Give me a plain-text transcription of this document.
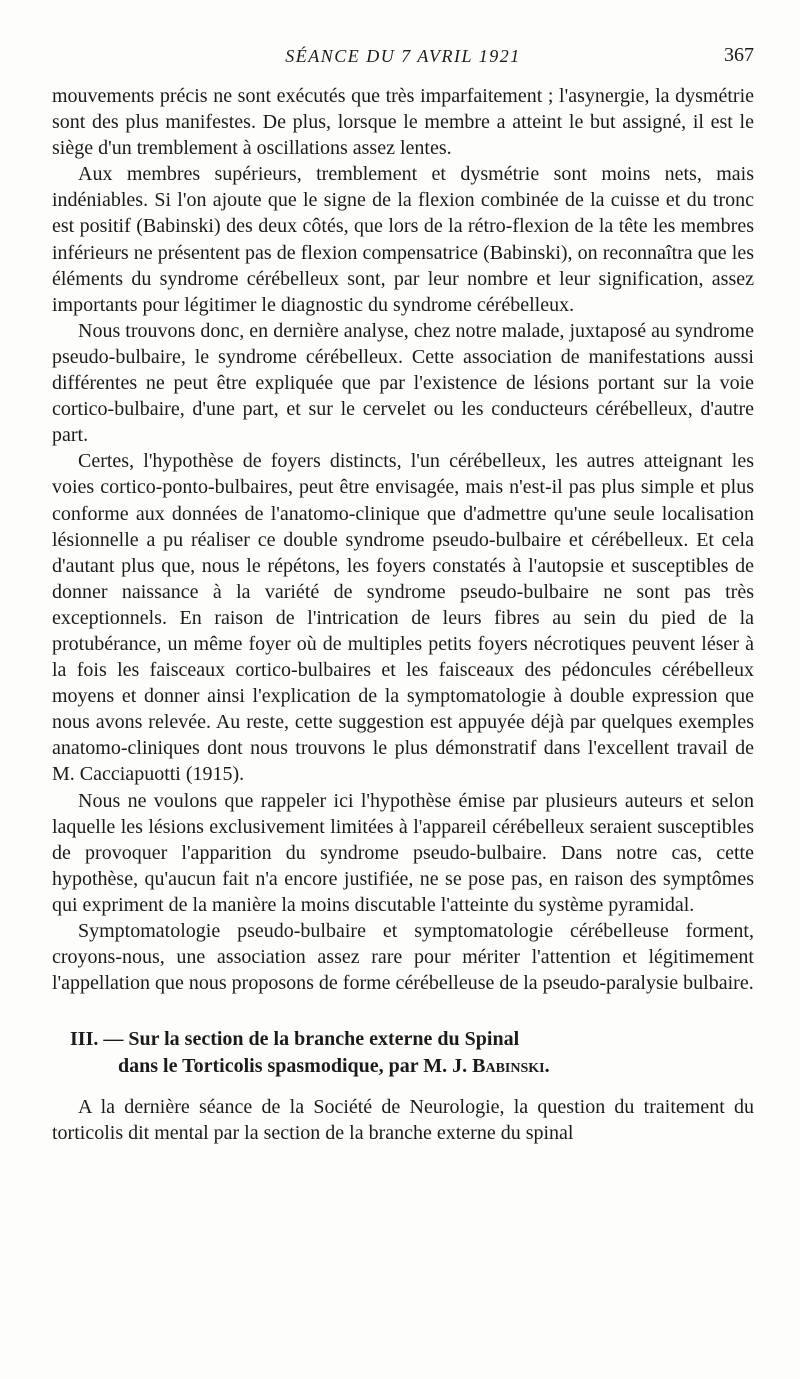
SÉANCE DU 7 AVRIL 1921	367

mouvements précis ne sont exécutés que très imparfaitement ; l'asynergie, la dysmétrie sont des plus manifestes. De plus, lorsque le membre a atteint le but assigné, il est le siège d'un tremblement à oscillations assez lentes.

Aux membres supérieurs, tremblement et dysmétrie sont moins nets, mais indéniables. Si l'on ajoute que le signe de la flexion combinée de la cuisse et du tronc est positif (Babinski) des deux côtés, que lors de la rétro-flexion de la tête les membres inférieurs ne présentent pas de flexion compensatrice (Babinski), on reconnaîtra que les éléments du syndrome cérébelleux sont, par leur nombre et leur signification, assez importants pour légitimer le diagnostic du syndrome cérébelleux.

Nous trouvons donc, en dernière analyse, chez notre malade, juxtaposé au syndrome pseudo-bulbaire, le syndrome cérébelleux. Cette association de manifestations aussi différentes ne peut être expliquée que par l'existence de lésions portant sur la voie cortico-bulbaire, d'une part, et sur le cervelet ou les conducteurs cérébelleux, d'autre part.

Certes, l'hypothèse de foyers distincts, l'un cérébelleux, les autres atteignant les voies cortico-ponto-bulbaires, peut être envisagée, mais n'est-il pas plus simple et plus conforme aux données de l'anatomo-clinique que d'admettre qu'une seule localisation lésionnelle a pu réaliser ce double syndrome pseudo-bulbaire et cérébelleux. Et cela d'autant plus que, nous le répétons, les foyers constatés à l'autopsie et susceptibles de donner naissance à la variété de syndrome pseudo-bulbaire ne sont pas très exceptionnels. En raison de l'intrication de leurs fibres au sein du pied de la protubérance, un même foyer où de multiples petits foyers nécrotiques peuvent léser à la fois les faisceaux cortico-bulbaires et les faisceaux des pédoncules cérébelleux moyens et donner ainsi l'explication de la symptomatologie à double expression que nous avons relevée. Au reste, cette suggestion est appuyée déjà par quelques exemples anatomo-cliniques dont nous trouvons le plus démonstratif dans l'excellent travail de M. Cacciapuotti (1915).

Nous ne voulons que rappeler ici l'hypothèse émise par plusieurs auteurs et selon laquelle les lésions exclusivement limitées à l'appareil cérébelleux seraient susceptibles de provoquer l'apparition du syndrome pseudo-bulbaire. Dans notre cas, cette hypothèse, qu'aucun fait n'a encore justifiée, ne se pose pas, en raison des symptômes qui expriment de la manière la moins discutable l'atteinte du système pyramidal.

Symptomatologie pseudo-bulbaire et symptomatologie cérébelleuse forment, croyons-nous, une association assez rare pour mériter l'attention et légitimement l'appellation que nous proposons de forme cérébelleuse de la pseudo-paralysie bulbaire.

III. — Sur la section de la branche externe du Spinal
dans le Torticolis spasmodique, par M. J. Babinski.

A la dernière séance de la Société de Neurologie, la question du traitement du torticolis dit mental par la section de la branche externe du spinal
